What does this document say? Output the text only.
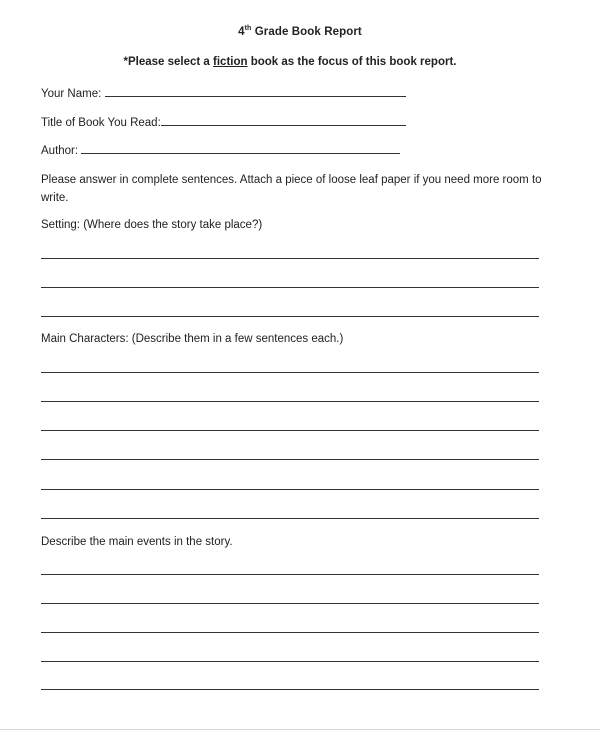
4th Grade Book Report
*Please select a fiction book as the focus of this book report.
Your Name:
Title of Book You Read:
Author:
Please answer in complete sentences. Attach a piece of loose leaf paper if you need more room to write.
Setting: (Where does the story take place?)
Main Characters: (Describe them in a few sentences each.)
Describe the main events in the story.
